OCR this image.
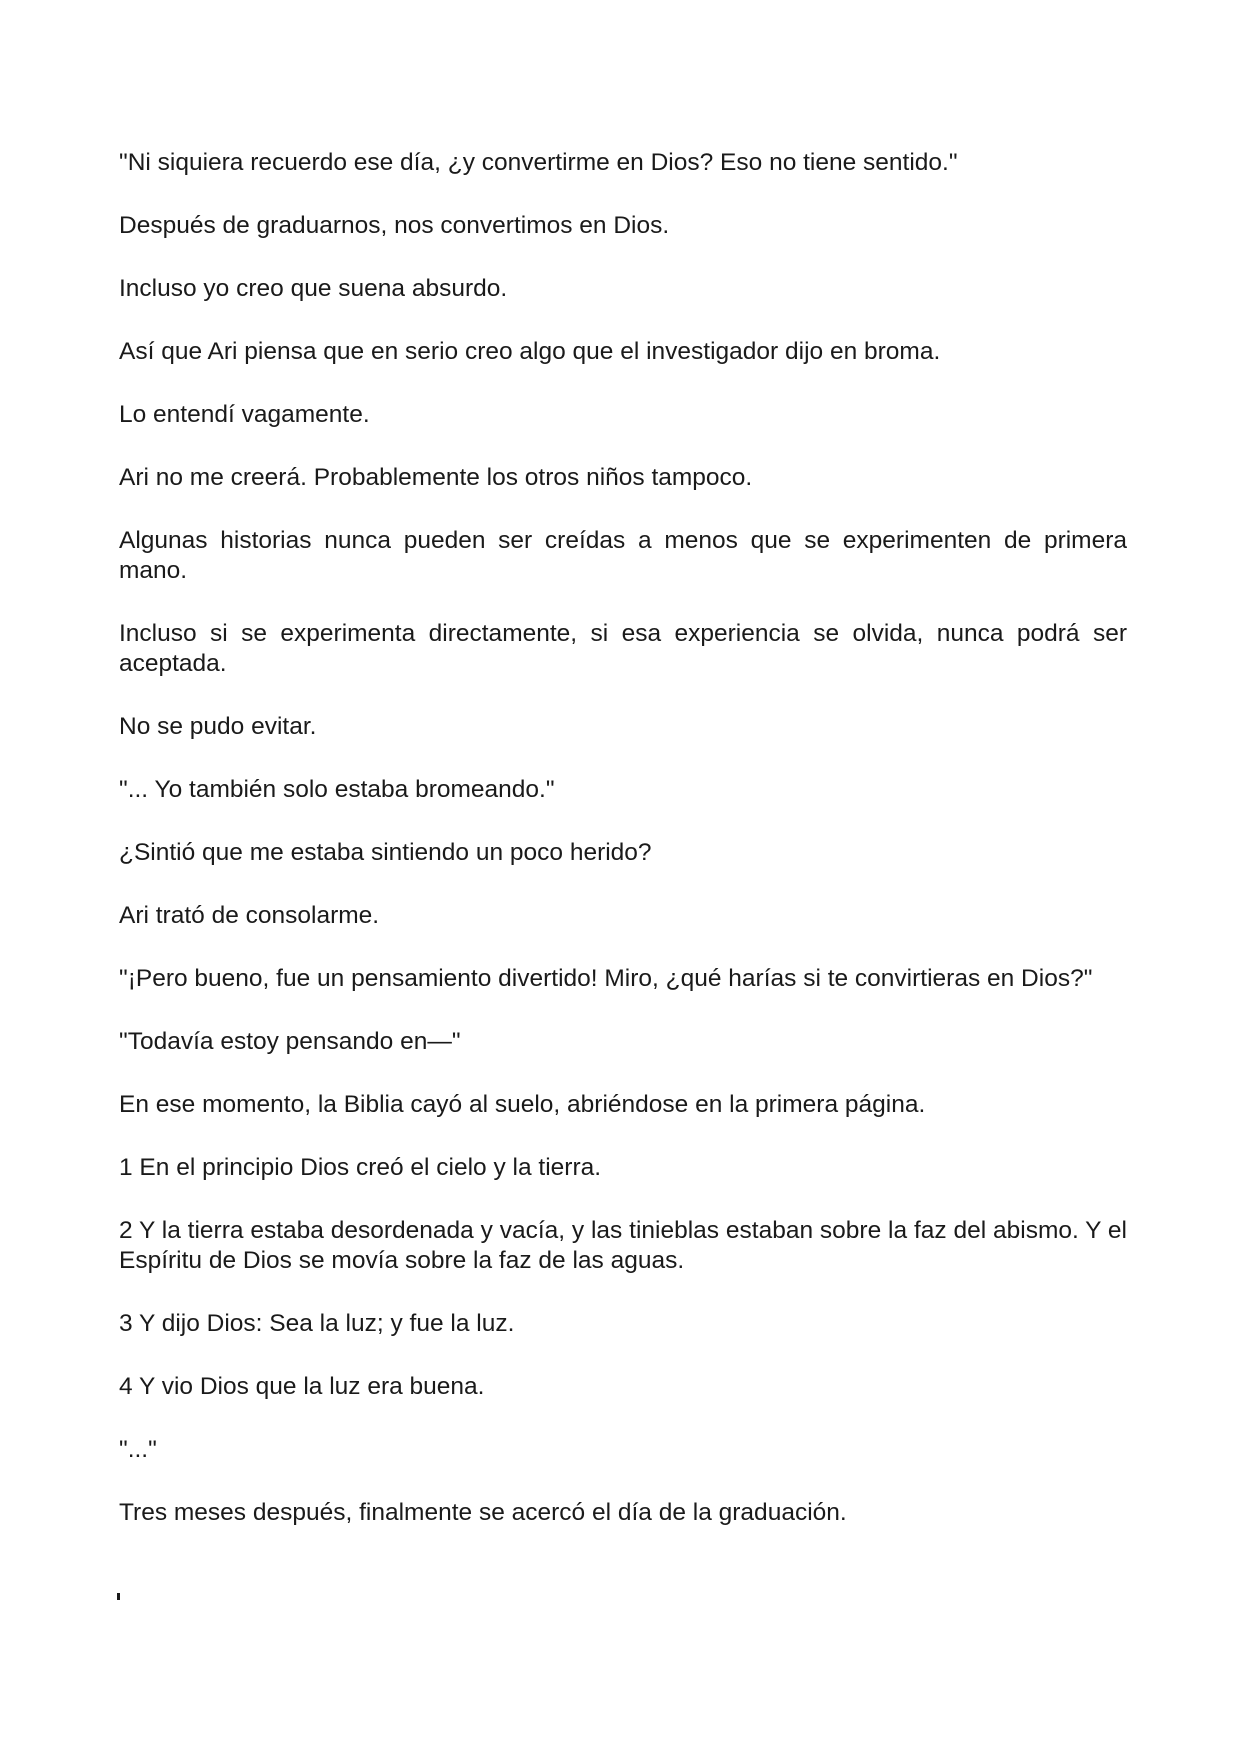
"Ni siquiera recuerdo ese día, ¿y convertirme en Dios? Eso no tiene sentido."

Después de graduarnos, nos convertimos en Dios.

Incluso yo creo que suena absurdo.

Así que Ari piensa que en serio creo algo que el investigador dijo en broma.

Lo entendí vagamente.

Ari no me creerá. Probablemente los otros niños tampoco.

Algunas historias nunca pueden ser creídas a menos que se experimenten de primera mano.

Incluso si se experimenta directamente, si esa experiencia se olvida, nunca podrá ser aceptada.

No se pudo evitar.

"... Yo también solo estaba bromeando."

¿Sintió que me estaba sintiendo un poco herido?

Ari trató de consolarme.

"¡Pero bueno, fue un pensamiento divertido! Miro, ¿qué harías si te convirtieras en Dios?"

"Todavía estoy pensando en—"

En ese momento, la Biblia cayó al suelo, abriéndose en la primera página.

1 En el principio Dios creó el cielo y la tierra.

2 Y la tierra estaba desordenada y vacía, y las tinieblas estaban sobre la faz del abismo. Y el Espíritu de Dios se movía sobre la faz de las aguas.

3 Y dijo Dios: Sea la luz; y fue la luz.

4 Y vio Dios que la luz era buena.

"..."

Tres meses después, finalmente se acercó el día de la graduación.
